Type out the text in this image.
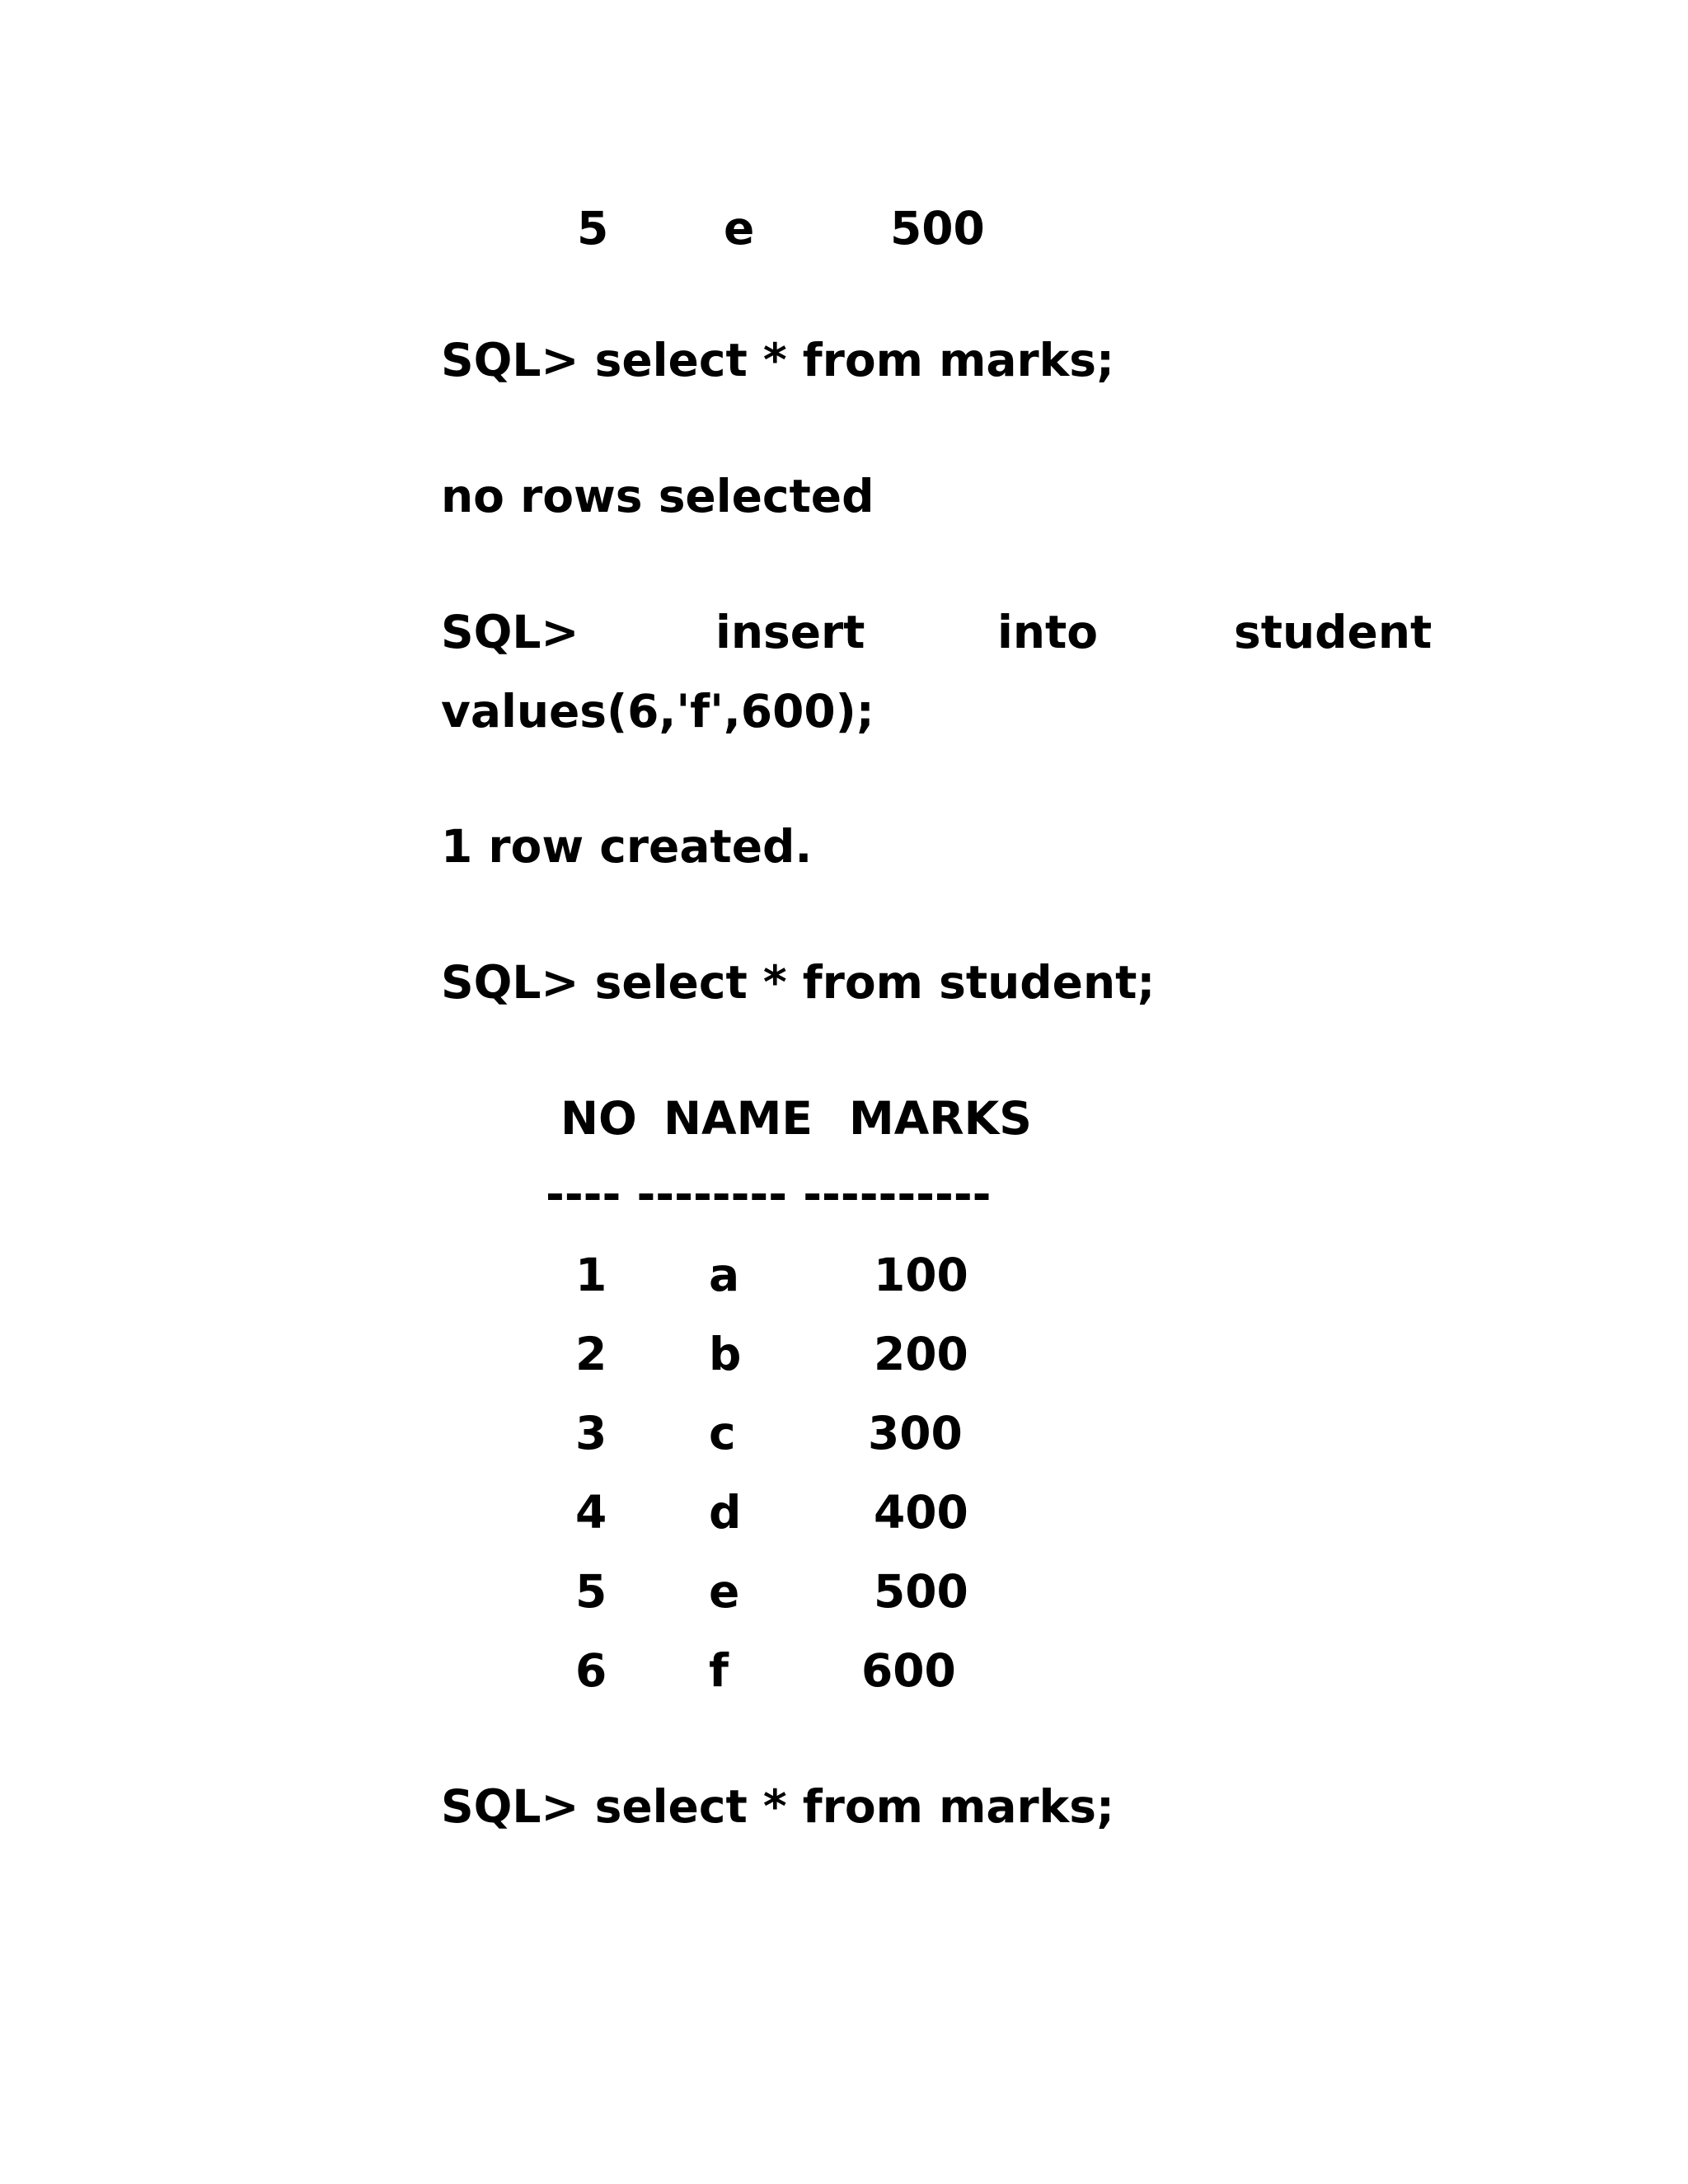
5	e	500
SQL> select * from marks;
no rows selected
SQL>	insert	into	student
values(6,'f',600);
1 row created.
SQL> select * from student;
NO NAME MARKS
---- -------- ----------
1 a	100
2 b	200
3 c	300
4 d	400
5 e	500
6 f	600
SQL> select * from marks;
